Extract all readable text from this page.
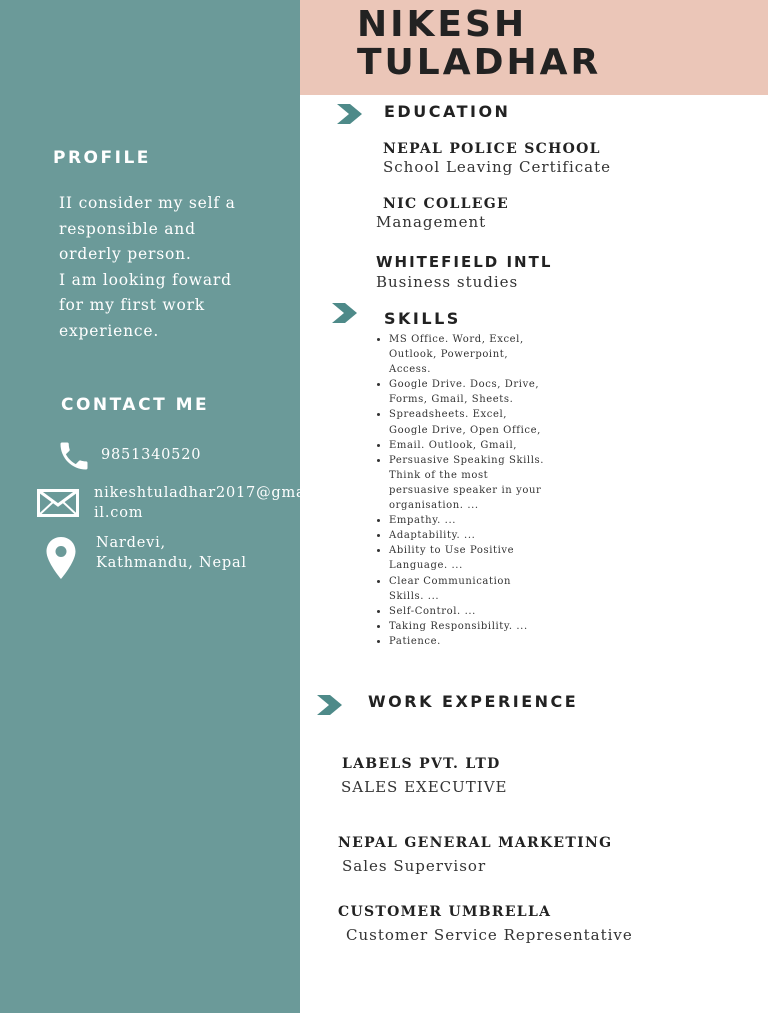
NIKESH
TULADHAR
PROFILE
II consider my self a
responsible and
orderly person.
I am looking foward
for my first work
experience.
CONTACT ME
9851340520
nikeshtuladhar2017@gma
il.com
Nardevi,
Kathmandu, Nepal
EDUCATION
NEPAL POLICE SCHOOL
School Leaving Certificate
NIC COLLEGE
Management
WHITEFIELD INTL
Business studies
SKILLS
• MS Office. Word, Excel, Outlook, Powerpoint, Access.
• Google Drive. Docs, Drive, Forms, Gmail, Sheets.
• Spreadsheets. Excel, Google Drive, Open Office,
• Email. Outlook, Gmail,
• Persuasive Speaking Skills. Think of the most persuasive speaker in your organisation. ...
• Empathy. ...
• Adaptability. ...
• Ability to Use Positive Language. ...
• Clear Communication Skills. ...
• Self-Control. ...
• Taking Responsibility. ...
• Patience.
WORK EXPERIENCE
LABELS PVT. LTD
SALES EXECUTIVE
NEPAL GENERAL MARKETING
Sales Supervisor
CUSTOMER UMBRELLA
Customer Service Representative
